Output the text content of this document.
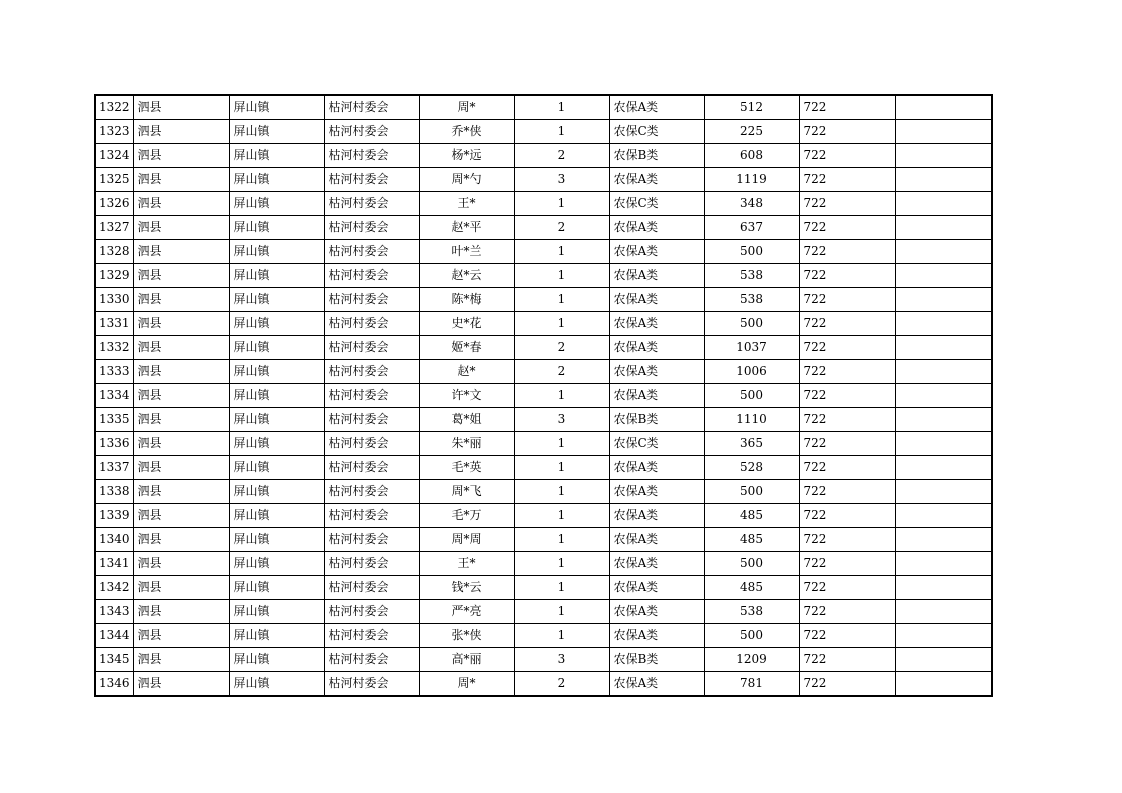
1322	泗县	屏山镇	枯河村委会	周*	1	农保A类	512	722	
1323	泗县	屏山镇	枯河村委会	乔*侠	1	农保C类	225	722	
1324	泗县	屏山镇	枯河村委会	杨*远	2	农保B类	608	722	
1325	泗县	屏山镇	枯河村委会	周*勺	3	农保A类	1119	722	
1326	泗县	屏山镇	枯河村委会	王*	1	农保C类	348	722	
1327	泗县	屏山镇	枯河村委会	赵*平	2	农保A类	637	722	
1328	泗县	屏山镇	枯河村委会	叶*兰	1	农保A类	500	722	
1329	泗县	屏山镇	枯河村委会	赵*云	1	农保A类	538	722	
1330	泗县	屏山镇	枯河村委会	陈*梅	1	农保A类	538	722	
1331	泗县	屏山镇	枯河村委会	史*花	1	农保A类	500	722	
1332	泗县	屏山镇	枯河村委会	姬*春	2	农保A类	1037	722	
1333	泗县	屏山镇	枯河村委会	赵*	2	农保A类	1006	722	
1334	泗县	屏山镇	枯河村委会	许*文	1	农保A类	500	722	
1335	泗县	屏山镇	枯河村委会	葛*姐	3	农保B类	1110	722	
1336	泗县	屏山镇	枯河村委会	朱*丽	1	农保C类	365	722	
1337	泗县	屏山镇	枯河村委会	毛*英	1	农保A类	528	722	
1338	泗县	屏山镇	枯河村委会	周*飞	1	农保A类	500	722	
1339	泗县	屏山镇	枯河村委会	毛*万	1	农保A类	485	722	
1340	泗县	屏山镇	枯河村委会	周*周	1	农保A类	485	722	
1341	泗县	屏山镇	枯河村委会	王*	1	农保A类	500	722	
1342	泗县	屏山镇	枯河村委会	钱*云	1	农保A类	485	722	
1343	泗县	屏山镇	枯河村委会	严*亮	1	农保A类	538	722	
1344	泗县	屏山镇	枯河村委会	张*侠	1	农保A类	500	722	
1345	泗县	屏山镇	枯河村委会	高*丽	3	农保B类	1209	722	
1346	泗县	屏山镇	枯河村委会	周*	2	农保A类	781	722	
